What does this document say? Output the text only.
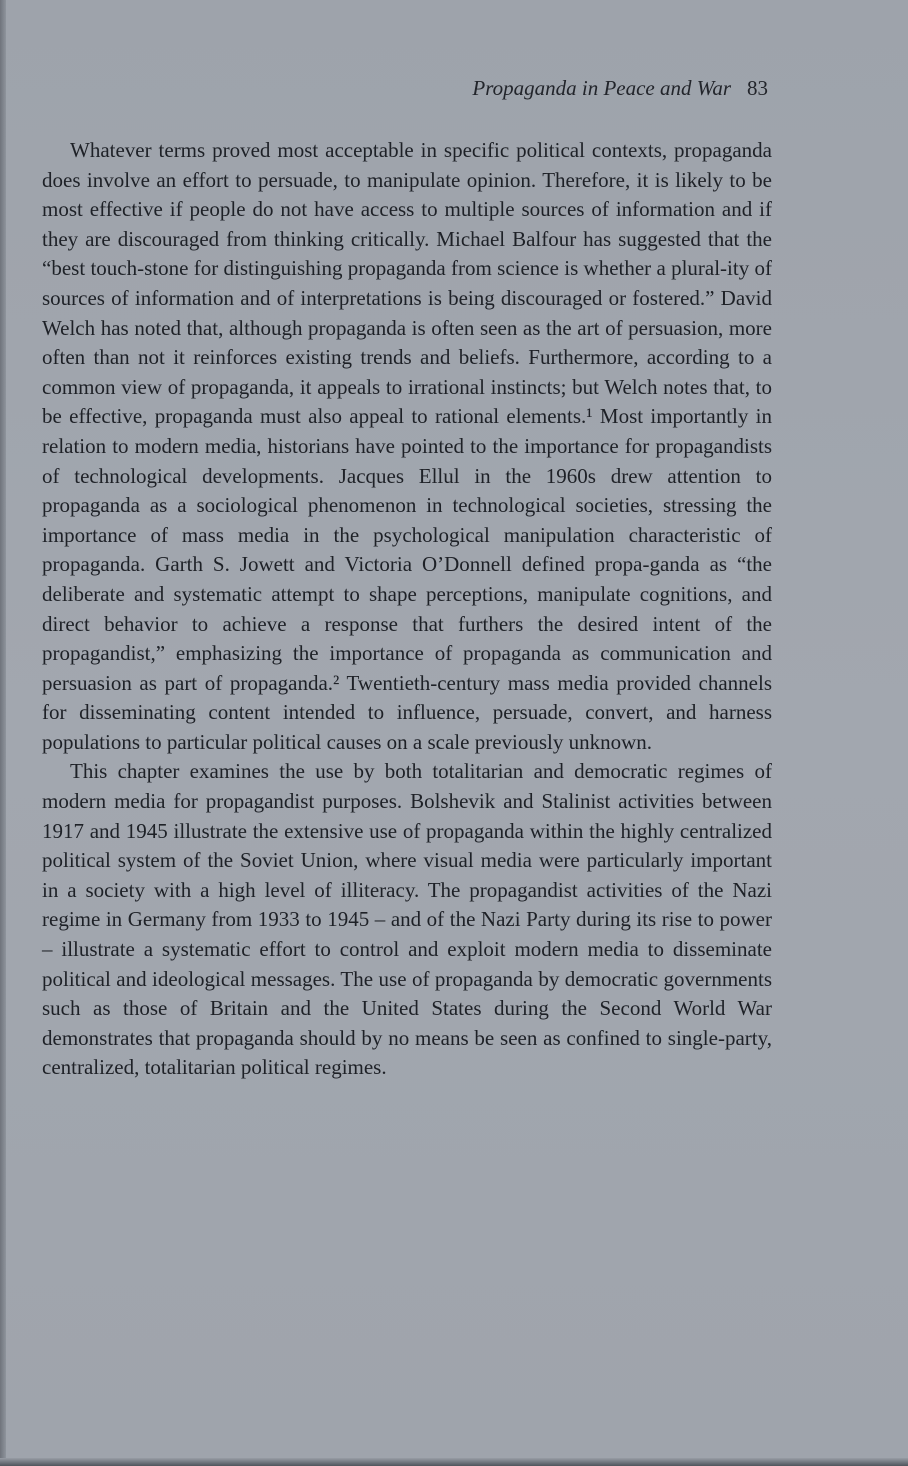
Propaganda in Peace and War 83

Whatever terms proved most acceptable in specific political contexts, propaganda does involve an effort to persuade, to manipulate opinion. Therefore, it is likely to be most effective if people do not have access to multiple sources of information and if they are discouraged from thinking critically. Michael Balfour has suggested that the “best touch-stone for distinguishing propaganda from science is whether a plural-ity of sources of information and of interpretations is being discouraged or fostered.” David Welch has noted that, although propaganda is often seen as the art of persuasion, more often than not it reinforces existing trends and beliefs. Furthermore, according to a common view of propaganda, it appeals to irrational instincts; but Welch notes that, to be effective, propaganda must also appeal to rational elements.¹ Most importantly in relation to modern media, historians have pointed to the importance for propagandists of technological developments. Jacques Ellul in the 1960s drew attention to propaganda as a sociological phenomenon in technological societies, stressing the importance of mass media in the psychological manipulation characteristic of propaganda. Garth S. Jowett and Victoria O’Donnell defined propa-ganda as “the deliberate and systematic attempt to shape perceptions, manipulate cognitions, and direct behavior to achieve a response that furthers the desired intent of the propagandist,” emphasizing the importance of propaganda as communication and persuasion as part of propaganda.² Twentieth-century mass media provided channels for disseminating content intended to influence, persuade, convert, and harness populations to particular political causes on a scale previously unknown.

This chapter examines the use by both totalitarian and democratic regimes of modern media for propagandist purposes. Bolshevik and Stalinist activities between 1917 and 1945 illustrate the extensive use of propaganda within the highly centralized political system of the Soviet Union, where visual media were particularly important in a society with a high level of illiteracy. The propagandist activities of the Nazi regime in Germany from 1933 to 1945 – and of the Nazi Party during its rise to power – illustrate a systematic effort to control and exploit modern media to disseminate political and ideological messages. The use of propaganda by democratic governments such as those of Britain and the United States during the Second World War demonstrates that propaganda should by no means be seen as confined to single-party, centralized, totalitarian political regimes.
